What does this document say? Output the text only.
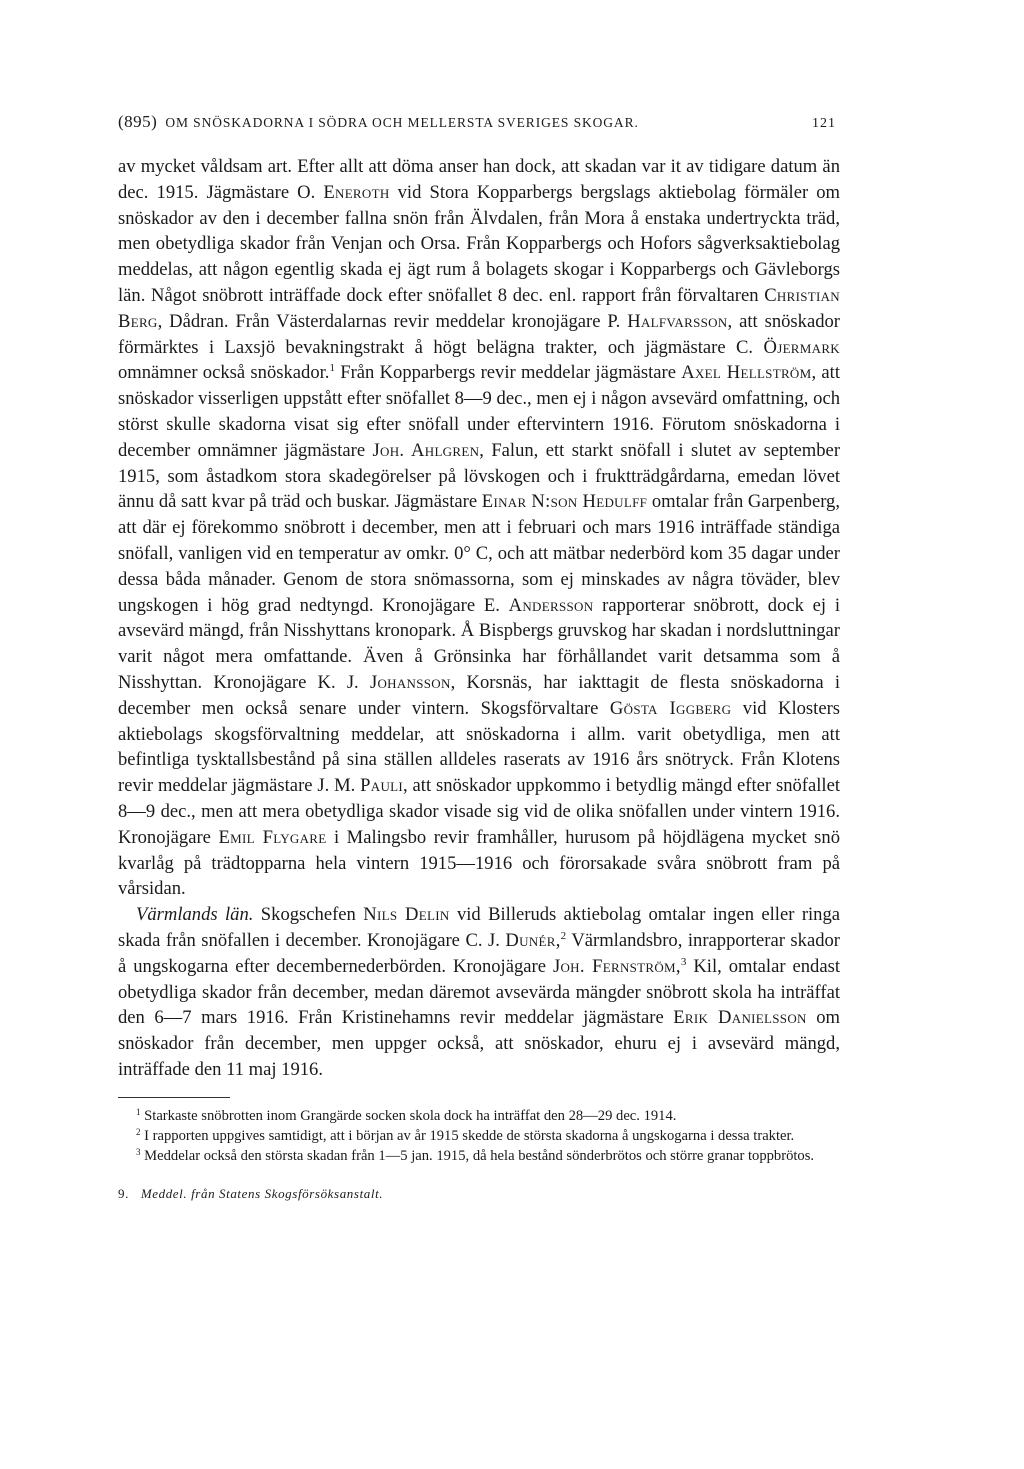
(895) OM SNÖSKADORNA I SÖDRA OCH MELLERSTA SVERIGES SKOGAR.	121

av mycket våldsam art. Efter allt att döma anser han dock, att skadan var it av tidigare datum än dec. 1915. Jägmästare O. Eneroth vid Stora Kopparbergs bergslags aktiebolag förmäler om snöskador av den i december fallna snön från Älvdalen, från Mora å enstaka undertryckta träd, men obetydliga skador från Venjan och Orsa. Från Kopparbergs och Hofors sågverksaktiebolag meddelas, att någon egentlig skada ej ägt rum å bolagets skogar i Kopparbergs och Gävleborgs län. Något snöbrott inträffade dock efter snöfallet 8 dec. enl. rapport från förvaltaren Christian Berg, Dådran. Från Västerdalarnas revir meddelar kronojägare P. Halfvarsson, att snöskador förmärktes i Laxsjö bevakningstrakt å högt belägna trakter, och jägmästare C. Öjermark omnämner också snöskador.$^1$ Från Kopparbergs revir meddelar jägmästare Axel Hellström, att snöskador visserligen uppstått efter snöfallet 8—9 dec., men ej i någon avsevärd omfattning, och störst skulle skadorna visat sig efter snöfall under eftervintern 1916. Förutom snöskadorna i december omnämner jägmästare Joh. Ahlgren, Falun, ett starkt snöfall i slutet av september 1915, som åstadkom stora skadegörelser på lövskogen och i fruktträdgårdarna, emedan lövet ännu då satt kvar på träd och buskar. Jägmästare Einar N:son Hedulff omtalar från Garpenberg, att där ej förekommo snöbrott i december, men att i februari och mars 1916 inträffade ständiga snöfall, vanligen vid en temperatur av omkr. 0° C, och att mätbar nederbörd kom 35 dagar under dessa båda månader. Genom de stora snömassorna, som ej minskades av några töväder, blev ungskogen i hög grad nedtyngd. Kronojägare E. Andersson rapporterar snöbrott, dock ej i avsevärd mängd, från Nisshyttans kronopark. Å Bispbergs gruvskog har skadan i nordsluttningar varit något mera omfattande. Även å Grönsinka har förhållandet varit detsamma som å Nisshyttan. Kronojägare K. J. Johansson, Korsnäs, har iakttagit de flesta snöskadorna i december men också senare under vintern. Skogsförvaltare Gösta Iggberg vid Klosters aktiebolags skogsförvaltning meddelar, att snöskadorna i allm. varit obetydliga, men att befintliga tysktallsbestånd på sina ställen alldeles raserats av 1916 års snötryck. Från Klotens revir meddelar jägmästare J. M. Pauli, att snöskador uppkommo i betydlig mängd efter snöfallet 8—9 dec., men att mera obetydliga skador visade sig vid de olika snöfallen under vintern 1916. Kronojägare Emil Flygare i Malingsbo revir framhåller, hurusom på höjdlägena mycket snö kvarlåg på trädtopparna hela vintern 1915—1916 och förorsakade svåra snöbrott fram på vårsidan.

Värmlands län. Skogschefen Nils Delin vid Billeruds aktiebolag omtalar ingen eller ringa skada från snöfallen i december. Kronojägare C. J. Dunér,$^2$ Värmlandsbro, inrapporterar skador å ungskogarna efter decembernederbörden. Kronojägare Joh. Fernström,$^3$ Kil, omtalar endast obetydliga skador från december, medan däremot avsevärda mängder snöbrott skola ha inträffat den 6—7 mars 1916. Från Kristinehamns revir meddelar jägmästare Erik Danielsson om snöskador från december, men uppger också, att snöskador, ehuru ej i avsevärd mängd, inträffade den 11 maj 1916.

$^1$ Starkaste snöbrotten inom Grangärde socken skola dock ha inträffat den 28—29 dec. 1914.

$^2$ I rapporten uppgives samtidigt, att i början av år 1915 skedde de största skadorna å ungskogarna i dessa trakter.

$^3$ Meddelar också den största skadan från 1—5 jan. 1915, då hela bestånd sönderbrötos och större granar toppbrötos.

9. Meddel. från Statens Skogsförsöksanstalt.
